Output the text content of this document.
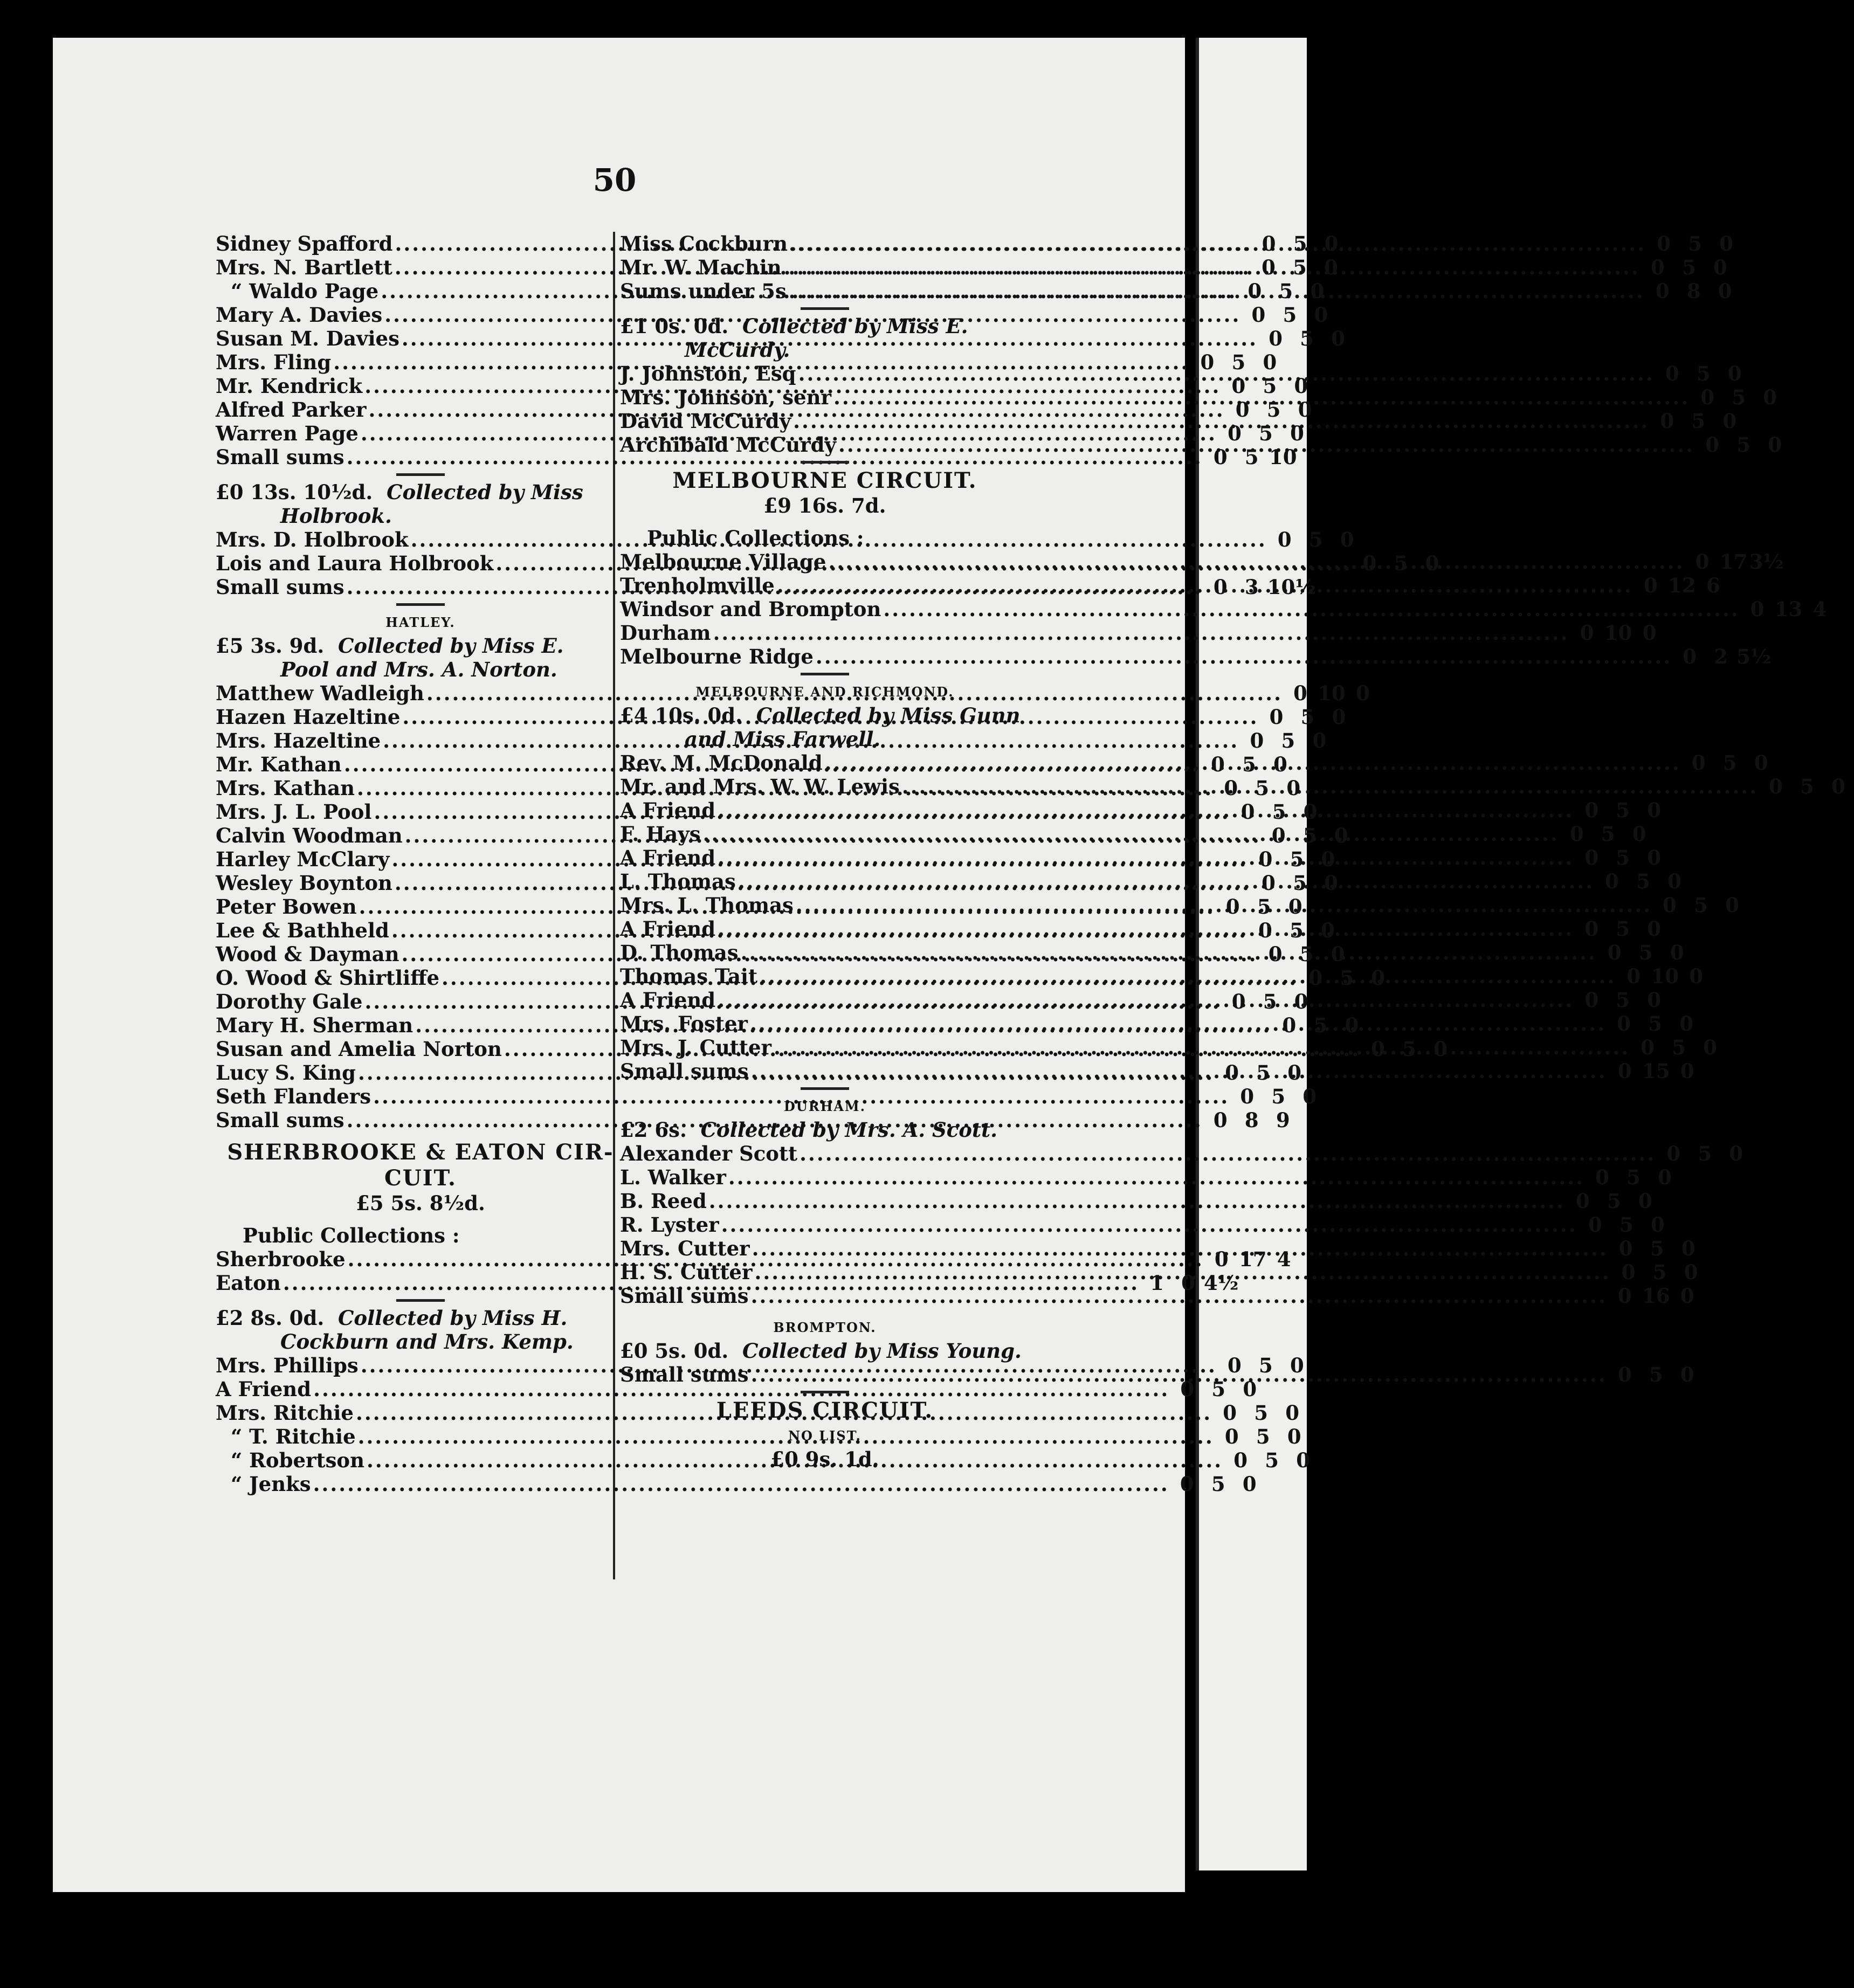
50
Sidney Spafford .....	0 5 0
Mrs. N. Bartlett .....	0 5 0
“ Waldo Page .....	0 5 0
Mary A. Davies .....	0 5 0
Susan M. Davies .....	0 5 0
Mrs. Fling .....	0 5 0
Mr. Kendrick .....	0 5 0
Alfred Parker .....	0 5 0
Warren Page .....	0 5 0
Small sums .....	0 5 10
£0 13s. 10½d. Collected by Miss
Holbrook.
Mrs. D. Holbrook .....	0 5 0
Lois and Laura Holbrook .....	0 5 0
Small sums .....	0 3 10½
HATLEY.
£5 3s. 9d. Collected by Miss E.
Pool and Mrs. A. Norton.
Matthew Wadleigh .....	0 10 0
Hazen Hazeltine .....	0 5 0
Mrs. Hazeltine .....	0 5 0
Mr. Kathan .....	0 5 0
Mrs. Kathan .....	0 5 0
Mrs. J. L. Pool .....	0 5 0
Calvin Woodman .....	0 5 0
Harley McClary .....	0 5 0
Wesley Boynton .....	0 5 0
Peter Bowen .....	0 5 0
Lee & Bathheld .....	0 5 0
Wood & Dayman .....	0 5 0
O. Wood & Shirtliffe .....	0 5 0
Dorothy Gale .....	0 5 0
Mary H. Sherman .....	0 5 0
Susan and Amelia Norton .....	0 5 0
Lucy S. King .....	0 5 0
Seth Flanders .....	0 5 0
Small sums .....	0 8 9
SHERBROOKE & EATON CIR-
CUIT.
£5 5s. 8½d.
Public Collections :
Sherbrooke .....	0 17 4
Eaton .....	1 0 4½
£2 8s. 0d. Collected by Miss H.
Cockburn and Mrs. Kemp.
Mrs. Phillips .....	0 5 0
A Friend .....	0 5 0
Mrs. Ritchie .....	0 5 0
“ T. Ritchie .....	0 5 0
“ Robertson .....	0 5 0
“ Jenks .....	0 5 0
Miss Cockburn .....	0 5 0
Mr. W. Machin .....	0 5 0
Sums under 5s .....	0 8 0
£1 0s. 0d. Collected by Miss E.
McCurdy.
J. Johnston, Esq .....	0 5 0
Mrs. Johnson, senr .....	0 5 0
David McCurdy .....	0 5 0
Archibald McCurdy .....	0 5 0
MELBOURNE CIRCUIT.
£9 16s. 7d.
Public Collections :
Melbourne Village .....	0 17 3½
Trenholmville .....	0 12 6
Windsor and Brompton .....	0 13 4
Durham .....	0 10 0
Melbourne Ridge .....	0 2 5½
MELBOURNE AND RICHMOND.
£4 10s. 0d. Collected by Miss Gunn
and Miss Farwell.
Rev. M. McDonald .....	0 5 0
Mr. and Mrs. W. W. Lewis .....	0 5 0
A Friend .....	0 5 0
F. Hays .....	0 5 0
A Friend .....	0 5 0
L. Thomas .....	0 5 0
Mrs. L. Thomas .....	0 5 0
A Friend .....	0 5 0
D. Thomas .....	0 5 0
Thomas Tait .....	0 10 0
A Friend .....	0 5 0
Mrs. Foster .....	0 5 0
Mrs. J. Cutter .....	0 5 0
Small sums .....	0 15 0
DURHAM.
£2 6s. Collected by Mrs. A. Scott.
Alexander Scott .....	0 5 0
L. Walker .....	0 5 0
B. Reed .....	0 5 0
R. Lyster .....	0 5 0
Mrs. Cutter .....	0 5 0
H. S. Cutter .....	0 5 0
Small sums .....	0 16 0
BROMPTON.
£0 5s. 0d. Collected by Miss Young.
Small sums .....	0 5 0
LEEDS CIRCUIT.
NO LIST.
£0 9s. 1d.
